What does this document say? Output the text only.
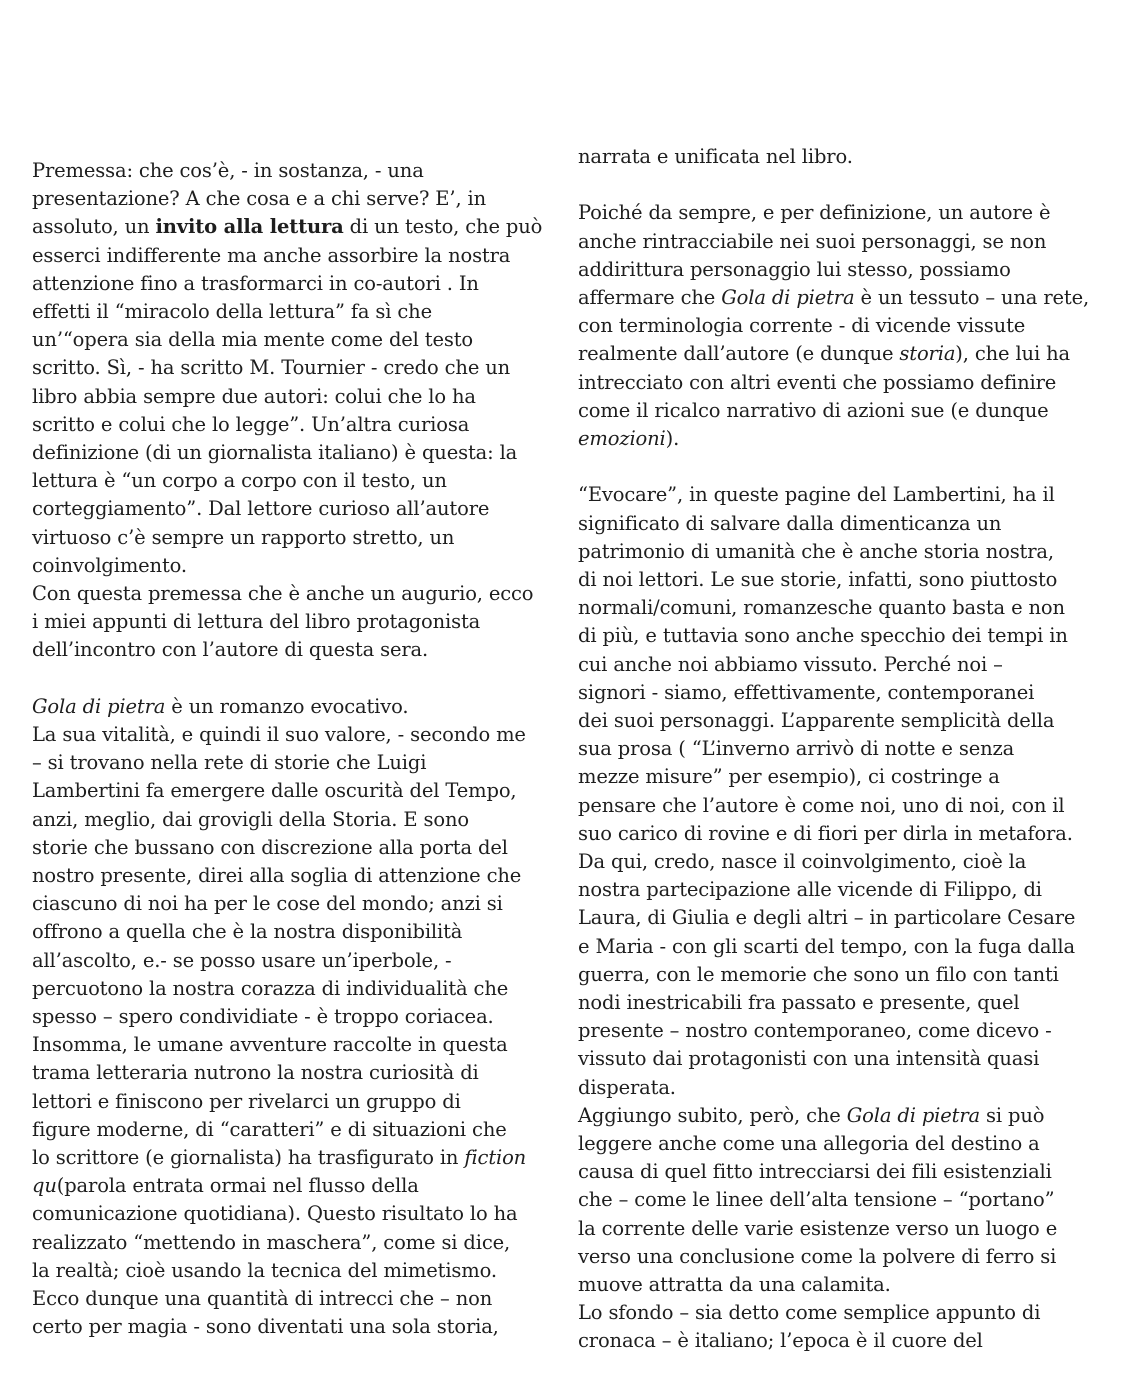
Premessa: che cos’è, - in sostanza, - una
presentazione? A che cosa e a chi serve? E’, in
assoluto, un invito alla lettura di un testo, che può
esserci indifferente ma anche assorbire la nostra
attenzione fino a trasformarci in co-autori . In
effetti il “miracolo della lettura” fa sì che
un’“opera sia della mia mente come del testo
scritto. Sì, - ha scritto M. Tournier - credo che un
libro abbia sempre due autori: colui che lo ha
scritto e colui che lo legge”. Un’altra curiosa
definizione (di un giornalista italiano) è questa: la
lettura è “un corpo a corpo con il testo, un
corteggiamento”. Dal lettore curioso all’autore
virtuoso c’è sempre un rapporto stretto, un
coinvolgimento.
Con questa premessa che è anche un augurio, ecco
i miei appunti di lettura del libro protagonista
dell’incontro con l’autore di questa sera.
Gola di pietra è un romanzo evocativo.
La sua vitalità, e quindi il suo valore, - secondo me
– si trovano nella rete di storie che Luigi
Lambertini fa emergere dalle oscurità del Tempo,
anzi, meglio, dai grovigli della Storia. E sono
storie che bussano con discrezione alla porta del
nostro presente, direi alla soglia di attenzione che
ciascuno di noi ha per le cose del mondo; anzi si
offrono a quella che è la nostra disponibilità
all’ascolto, e.- se posso usare un’iperbole, -
percuotono la nostra corazza di individualità che
spesso – spero condividiate - è troppo coriacea.
Insomma, le umane avventure raccolte in questa
trama letteraria nutrono la nostra curiosità di
lettori e finiscono per rivelarci un gruppo di
figure moderne, di “caratteri” e di situazioni che
lo scrittore (e giornalista) ha trasfigurato in fiction
qu(parola entrata ormai nel flusso della
comunicazione quotidiana). Questo risultato lo ha
realizzato “mettendo in maschera”, come si dice,
la realtà; cioè usando la tecnica del mimetismo.
Ecco dunque una quantità di intrecci che – non
certo per magia - sono diventati una sola storia,
narrata e unificata nel libro.
Poiché da sempre, e per definizione, un autore è
anche rintracciabile nei suoi personaggi, se non
addirittura personaggio lui stesso, possiamo
affermare che Gola di pietra è un tessuto – una rete,
con terminologia corrente - di vicende vissute
realmente dall’autore (e dunque storia), che lui ha
intrecciato con altri eventi che possiamo definire
come il ricalco narrativo di azioni sue (e dunque
emozioni).
“Evocare”, in queste pagine del Lambertini, ha il
significato di salvare dalla dimenticanza un
patrimonio di umanità che è anche storia nostra,
di noi lettori. Le sue storie, infatti, sono piuttosto
normali/comuni, romanzesche quanto basta e non
di più, e tuttavia sono anche specchio dei tempi in
cui anche noi abbiamo vissuto. Perché noi –
signori - siamo, effettivamente, contemporanei
dei suoi personaggi. L’apparente semplicità della
sua prosa ( “L’inverno arrivò di notte e senza
mezze misure” per esempio), ci costringe a
pensare che l’autore è come noi, uno di noi, con il
suo carico di rovine e di fiori per dirla in metafora.
Da qui, credo, nasce il coinvolgimento, cioè la
nostra partecipazione alle vicende di Filippo, di
Laura, di Giulia e degli altri – in particolare Cesare
e Maria - con gli scarti del tempo, con la fuga dalla
guerra, con le memorie che sono un filo con tanti
nodi inestricabili fra passato e presente, quel
presente – nostro contemporaneo, come dicevo -
vissuto dai protagonisti con una intensità quasi
disperata.
Aggiungo subito, però, che Gola di pietra si può
leggere anche come una allegoria del destino a
causa di quel fitto intrecciarsi dei fili esistenziali
che – come le linee dell’alta tensione – “portano”
la corrente delle varie esistenze verso un luogo e
verso una conclusione come la polvere di ferro si
muove attratta da una calamita.
Lo sfondo – sia detto come semplice appunto di
cronaca – è italiano; l’epoca è il cuore del
